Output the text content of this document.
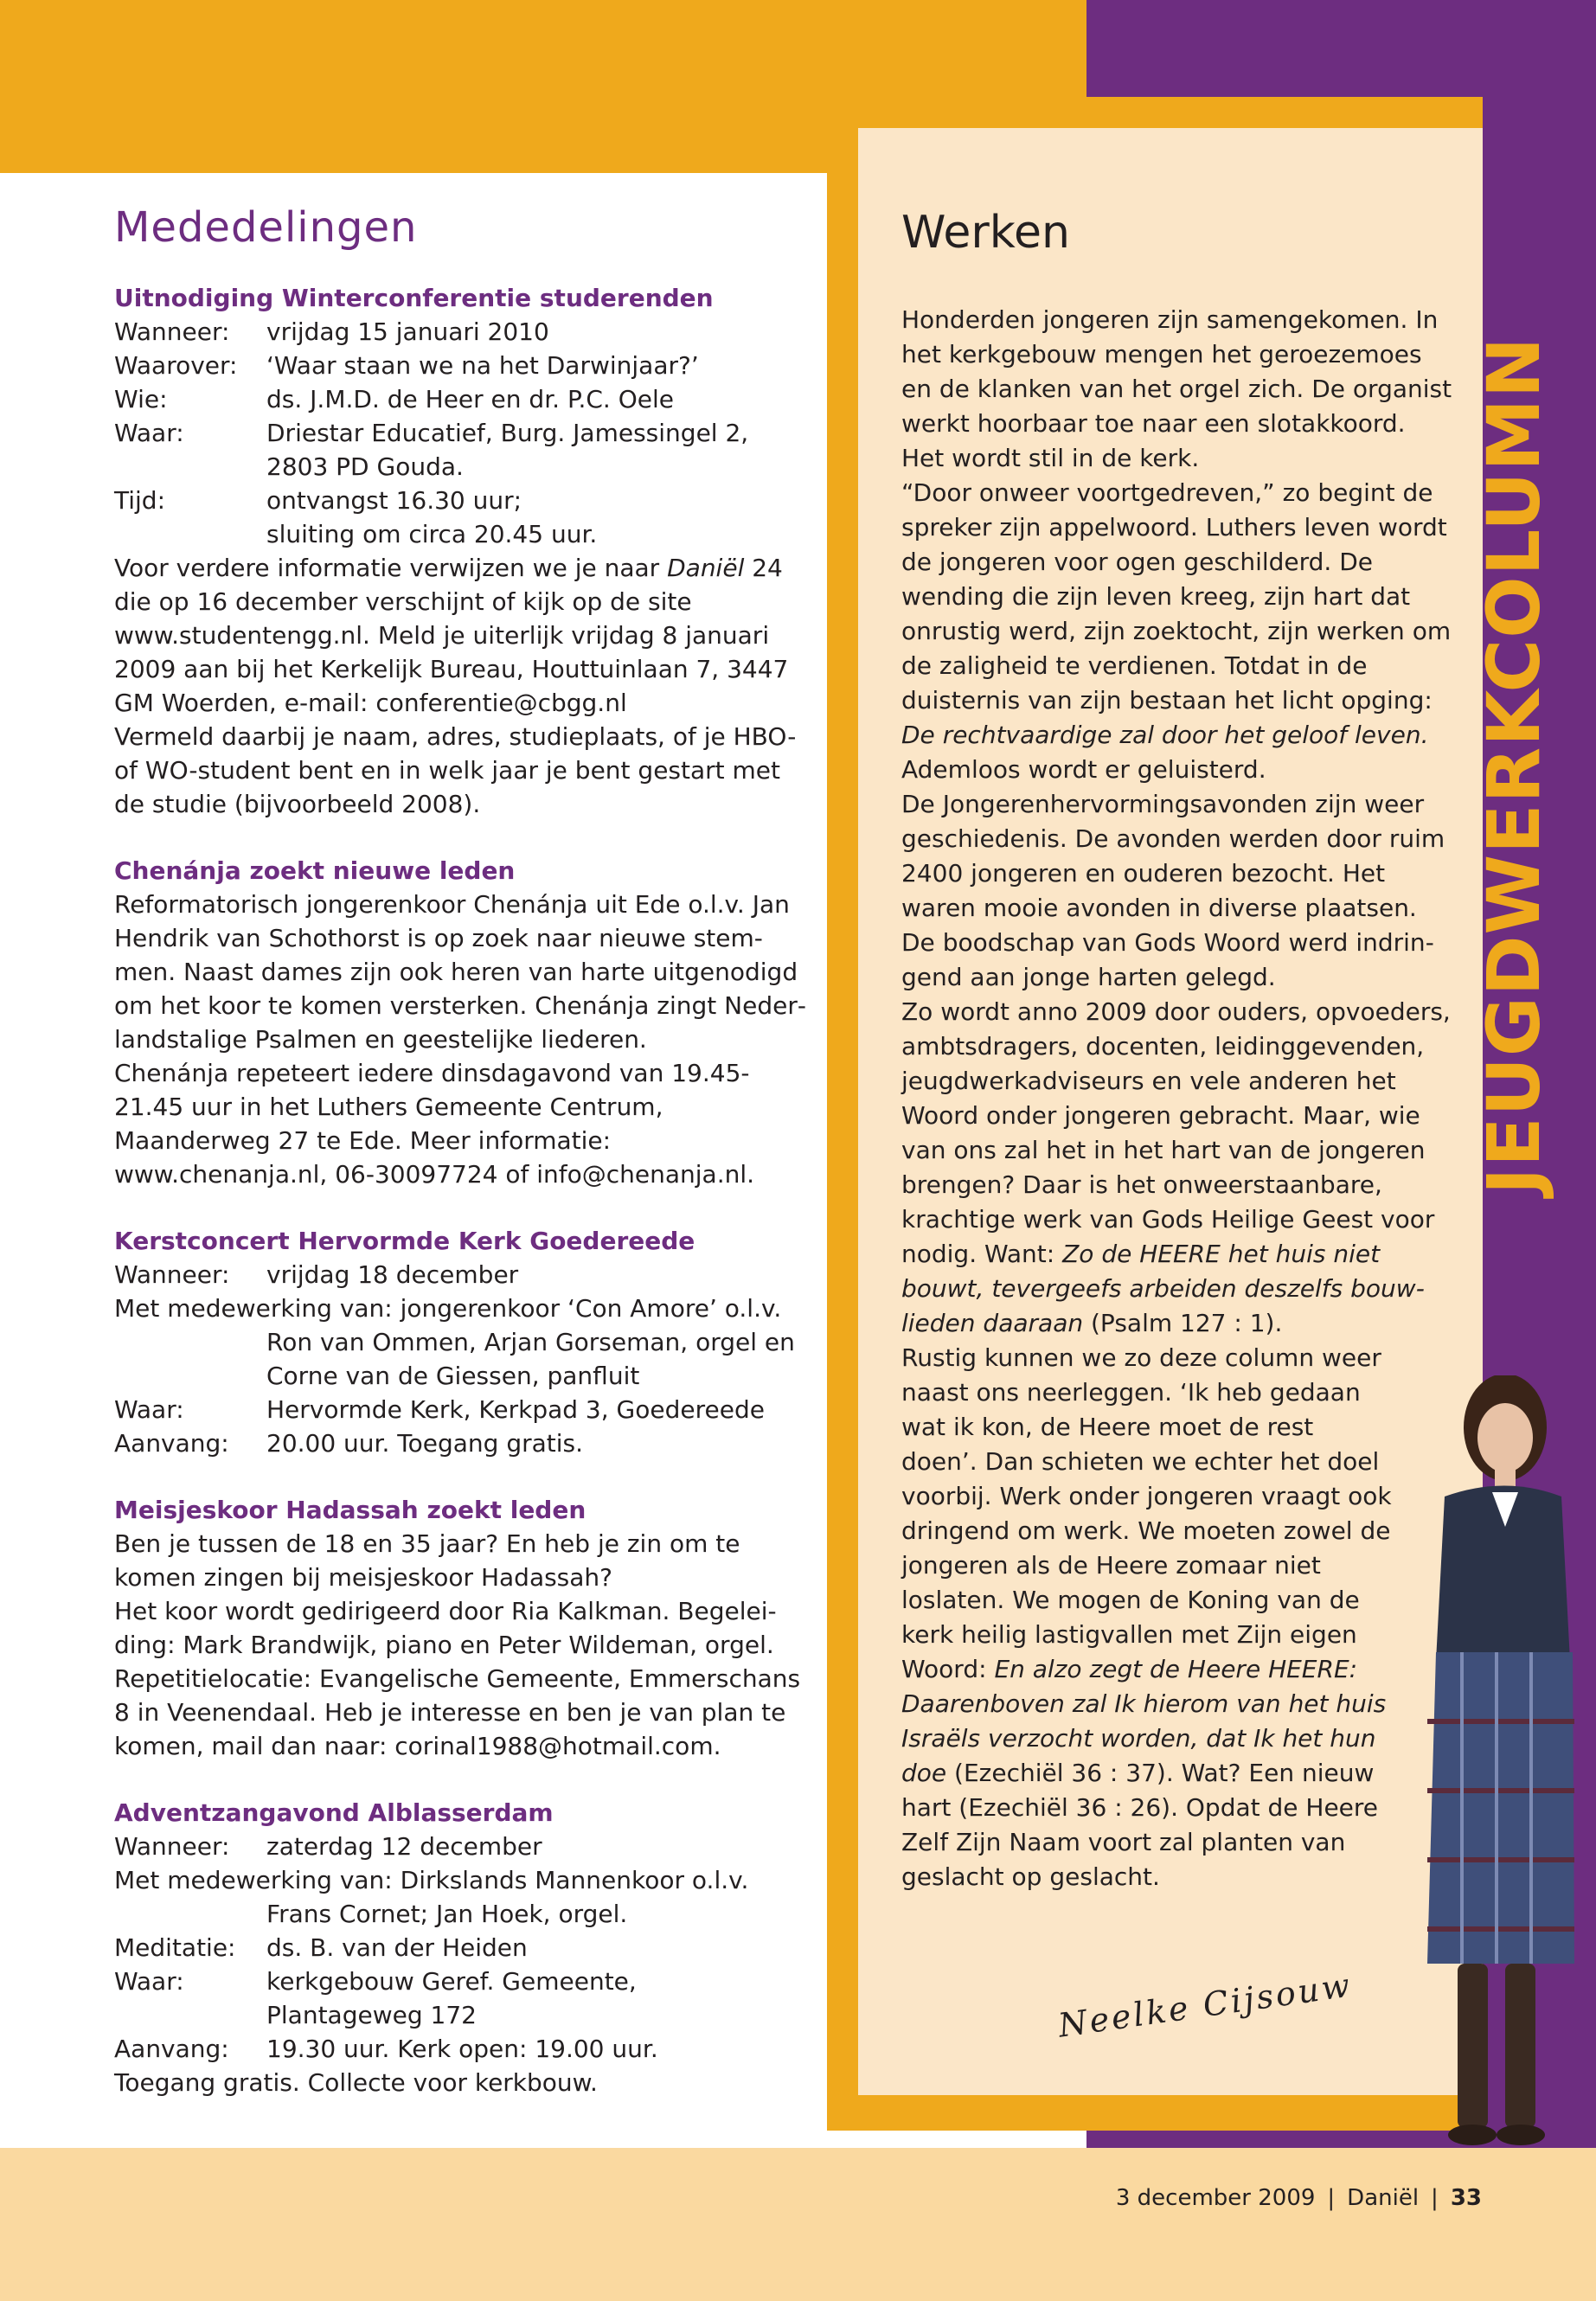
Mededelingen
Uitnodiging Winterconferentie studerenden
Wanneer:	vrijdag 15 januari 2010
Waarover:	‘Waar staan we na het Darwinjaar?’
Wie:	ds. J.M.D. de Heer en dr. P.C. Oele
Waar:	Driestar Educatief, Burg. Jamessingel 2,
2803 PD Gouda.
Tijd:	ontvangst 16.30 uur;
sluiting om circa 20.45 uur.

Voor verdere informatie verwijzen we je naar Daniël 24 die op 16 december verschijnt of kijk op de site www.studentengg.nl. Meld je uiterlijk vrijdag 8 januari 2009 aan bij het Kerkelijk Bureau, Houttuinlaan 7, 3447 GM Woerden, e-mail: conferentie@cbgg.nl

Vermeld daarbij je naam, adres, studieplaats, of je HBO- of WO-student bent en in welk jaar je bent gestart met de studie (bijvoorbeeld 2008).

Chenánja zoekt nieuwe leden

Reformatorisch jongerenkoor Chenánja uit Ede o.l.v. Jan Hendrik van Schothorst is op zoek naar nieuwe stemmen. Naast dames zijn ook heren van harte uitgenodigd om het koor te komen versterken. Chenánja zingt Nederlandstalige Psalmen en geestelijke liederen.

Chenánja repeteert iedere dinsdagavond van 19.45-21.45 uur in het Luthers Gemeente Centrum, Maanderweg 27 te Ede. Meer informatie: www.chenanja.nl, 06-30097724 of info@chenanja.nl.

Kerstconcert Hervormde Kerk Goedereede
Wanneer:	vrijdag 18 december

Met medewerking van: jongerenkoor ‘Con Amore’ o.l.v.

Ron van Ommen, Arjan Gorseman, orgel en
Corne van de Giessen, panfluit
Waar:	Hervormde Kerk, Kerkpad 3, Goedereede
Aanvang:	20.00 uur. Toegang gratis.
Meisjeskoor Hadassah zoekt leden

Ben je tussen de 18 en 35 jaar? En heb je zin om te komen zingen bij meisjeskoor Hadassah?

Het koor wordt gedirigeerd door Ria Kalkman. Begeleiding: Mark Brandwijk, piano en Peter Wildeman, orgel. Repetitielocatie: Evangelische Gemeente, Emmerschans 8 in Veenendaal. Heb je interesse en ben je van plan te komen, mail dan naar: corinal1988@hotmail.com.

Adventzangavond Alblasserdam
Wanneer:	zaterdag 12 december

Met medewerking van: Dirkslands Mannenkoor o.l.v.

Frans Cornet; Jan Hoek, orgel.
Meditatie:	ds. B. van der Heiden
Waar:	kerkgebouw Geref. Gemeente,
Plantageweg 172
Aanvang:	19.30 uur. Kerk open: 19.00 uur.

Toegang gratis. Collecte voor kerkbouw.

Werken
Honderden jongeren zijn samengekomen. In het kerkgebouw mengen het geroezemoes en de klanken van het orgel zich. De organist werkt hoorbaar toe naar een slotakkoord. Het wordt stil in de kerk.
“Door onweer voortgedreven,” zo begint de spreker zijn appelwoord. Luthers leven wordt de jongeren voor ogen geschilderd. De wending die zijn leven kreeg, zijn hart dat onrustig werd, zijn zoektocht, zijn werken om de zaligheid te verdienen. Totdat in de duisternis van zijn bestaan het licht opging: De rechtvaardige zal door het geloof leven.
Ademloos wordt er geluisterd.
De Jongerenhervormingsavonden zijn weer geschiedenis. De avonden werden door ruim 2400 jongeren en ouderen bezocht. Het waren mooie avonden in diverse plaatsen. De boodschap van Gods Woord werd indringend aan jonge harten gelegd.
Zo wordt anno 2009 door ouders, opvoeders, ambtsdragers, docenten, leidinggevenden, jeugdwerkadviseurs en vele anderen het Woord onder jongeren gebracht. Maar, wie van ons zal het in het hart van de jongeren brengen? Daar is het onweerstaanbare, krachtige werk van Gods Heilige Geest voor nodig. Want: Zo de HEERE het huis niet bouwt, tevergeefs arbeiden deszelfs bouwlieden daaraan (Psalm 127 : 1).
Rustig kunnen we zo deze column weer naast ons neerleggen. ‘Ik heb gedaan wat ik kon, de Heere moet de rest doen’. Dan schieten we echter het doel voorbij. Werk onder jongeren vraagt ook dringend om werk. We moeten zowel de jongeren als de Heere zomaar niet loslaten. We mogen de Koning van de kerk heilig lastigvallen met Zijn eigen Woord: En alzo zegt de Heere HEERE: Daarenboven zal Ik hierom van het huis Israëls verzocht worden, dat Ik het hun doe (Ezechiël 36 : 37). Wat? Een nieuw hart (Ezechiël 36 : 26). Opdat de Heere Zelf Zijn Naam voort zal planten van geslacht op geslacht.
Neelke Cijsouw
JEUGDWERKCOLUMN
3 december 2009 | Daniël | 33
